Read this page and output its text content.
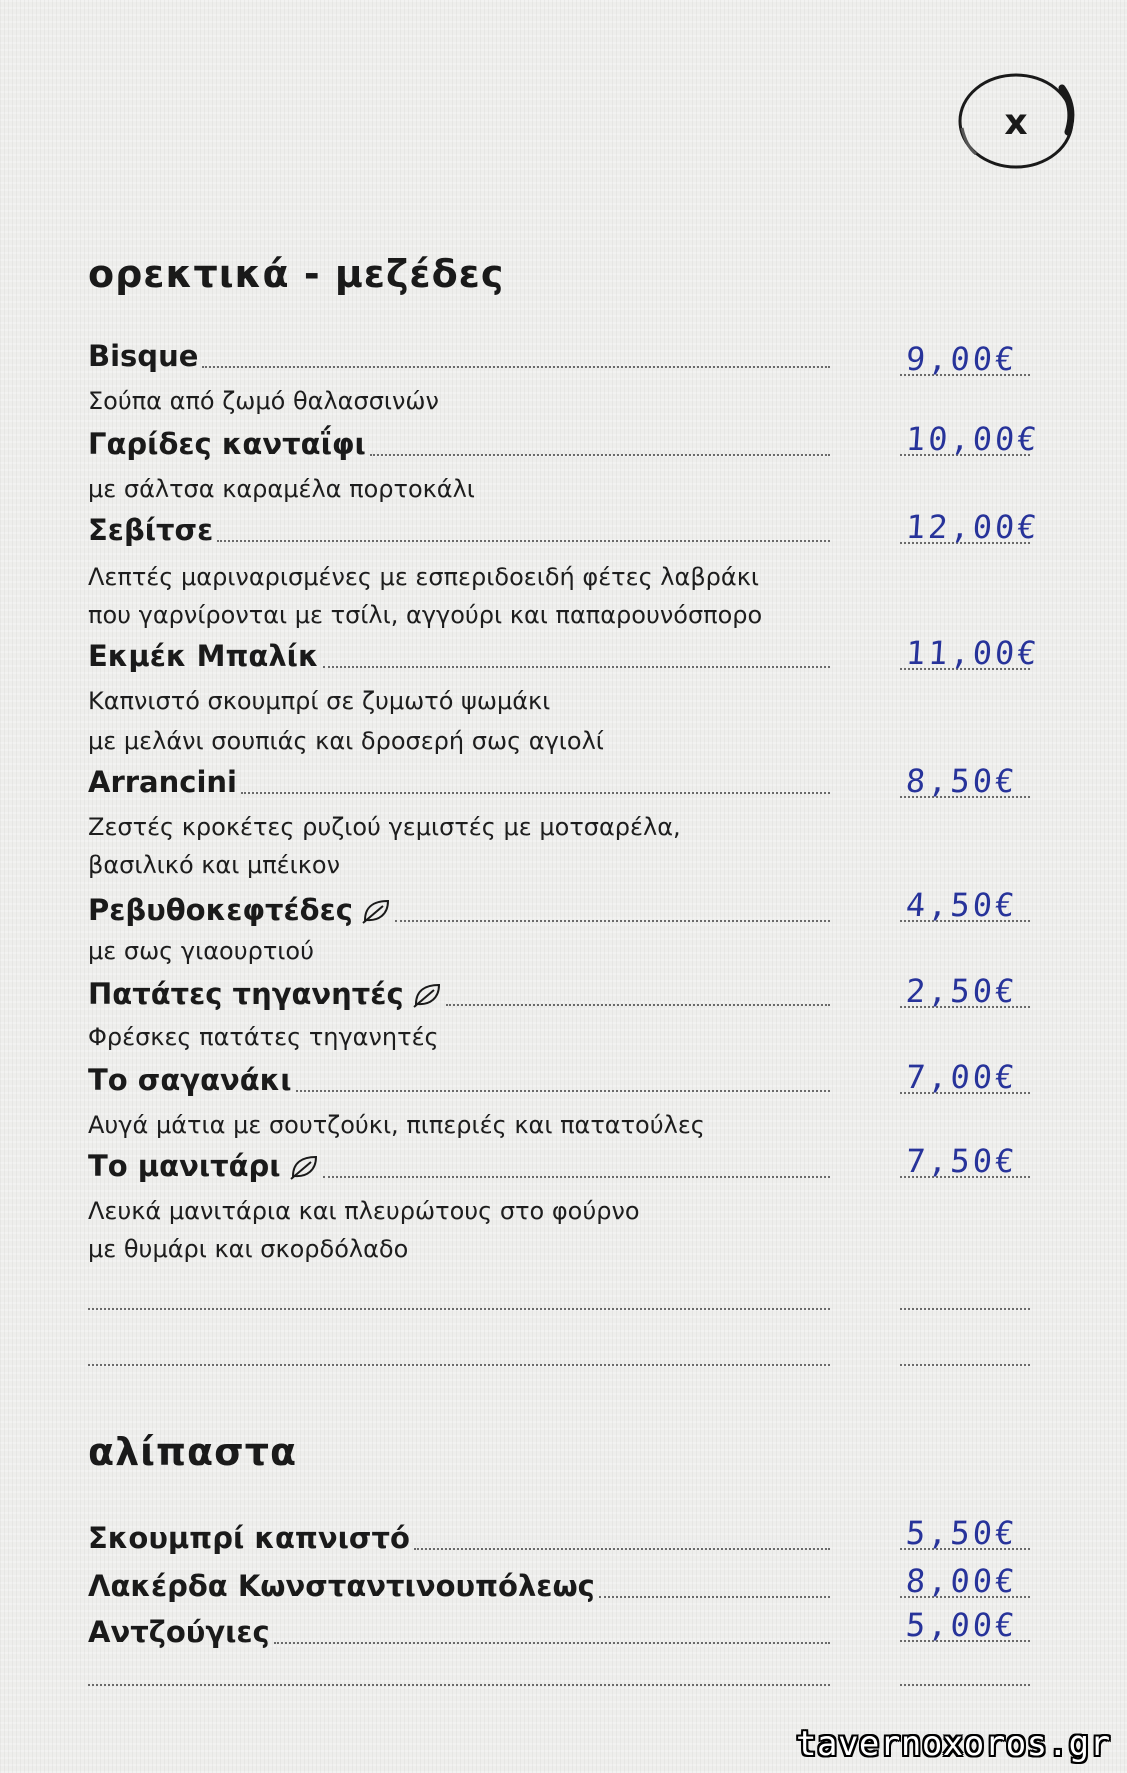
x
ορεκτικά - μεζέδες
Bisque	9,00€

Σούπα από ζωμό θαλασσινών

Γαρίδες κανταΐφι	10,00€

με σάλτσα καραμέλα πορτοκάλι

Σεβίτσε	12,00€

Λεπτές μαριναρισμένες με εσπεριδοειδή φέτες λαβράκι

που γαρνίρονται με τσίλι, αγγούρι και παπαρουνόσπορο

Εκμέκ Μπαλίκ	11,00€

Καπνιστό σκουμπρί σε ζυμωτό ψωμάκι

με μελάνι σουπιάς και δροσερή σως αγιολί

Arrancini	8,50€

Ζεστές κροκέτες ρυζιού γεμιστές με μοτσαρέλα,

βασιλικό και μπέικον

Ρεβυθοκεφτέδες	4,50€

με σως γιαουρτιού

Πατάτες τηγανητές	2,50€

Φρέσκες πατάτες τηγανητές

Το σαγανάκι	7,00€

Αυγά μάτια με σουτζούκι, πιπεριές και πατατούλες

Το μανιτάρι	7,50€

Λευκά μανιτάρια και πλευρώτους στο φούρνο

με θυμάρι και σκορδόλαδο

αλίπαστα
Σκουμπρί καπνιστό	5,50€
Λακέρδα Κωνσταντινουπόλεως	8,00€
Αντζούγιες	5,00€
tavernoxoros.gr
